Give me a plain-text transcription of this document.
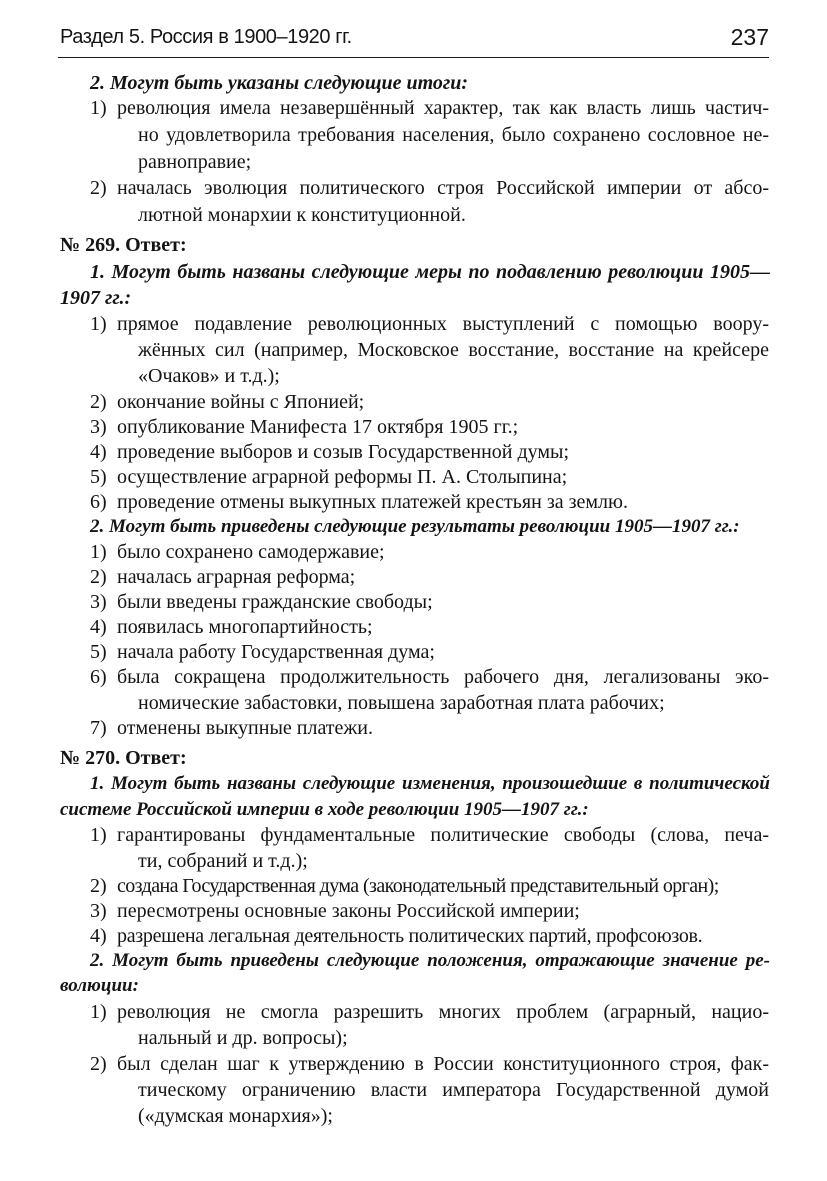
Раздел 5. Россия в 1900–1920 гг.	237
2. Могут быть указаны следующие итоги:
1) революция имела незавершённый характер, так как власть лишь частич-
но удовлетворила требования населения, было сохранено сословное не-
равноправие;
2) началась эволюция политического строя Российской империи от абсо-
лютной монархии к конституционной.
№ 269. Ответ:
1. Могут быть названы следующие меры по подавлению революции 1905—
1907 гг.:
1) прямое подавление революционных выступлений с помощью воору-
жённых сил (например, Московское восстание, восстание на крейсере
«Очаков» и т.д.);
2) окончание войны с Японией;
3) опубликование Манифеста 17 октября 1905 гг.;
4) проведение выборов и созыв Государственной думы;
5) осуществление аграрной реформы П. А. Столыпина;
6) проведение отмены выкупных платежей крестьян за землю.
2. Могут быть приведены следующие результаты революции 1905—1907 гг.:
1) было сохранено самодержавие;
2) началась аграрная реформа;
3) были введены гражданские свободы;
4) появилась многопартийность;
5) начала работу Государственная дума;
6) была сокращена продолжительность рабочего дня, легализованы эко-
номические забастовки, повышена заработная плата рабочих;
7) отменены выкупные платежи.
№ 270. Ответ:
1. Могут быть названы следующие изменения, произошедшие в политической
системе Российской империи в ходе революции 1905—1907 гг.:
1) гарантированы фундаментальные политические свободы (слова, печа-
ти, собраний и т.д.);
2) создана Государственная дума (законодательный представительный орган);
3) пересмотрены основные законы Российской империи;
4) разрешена легальная деятельность политических партий, профсоюзов.
2. Могут быть приведены следующие положения, отражающие значение ре-
волюции:
1) революция не смогла разрешить многих проблем (аграрный, нацио-
нальный и др. вопросы);
2) был сделан шаг к утверждению в России конституционного строя, фак-
тическому ограничению власти императора Государственной думой
(«думская монархия»);
